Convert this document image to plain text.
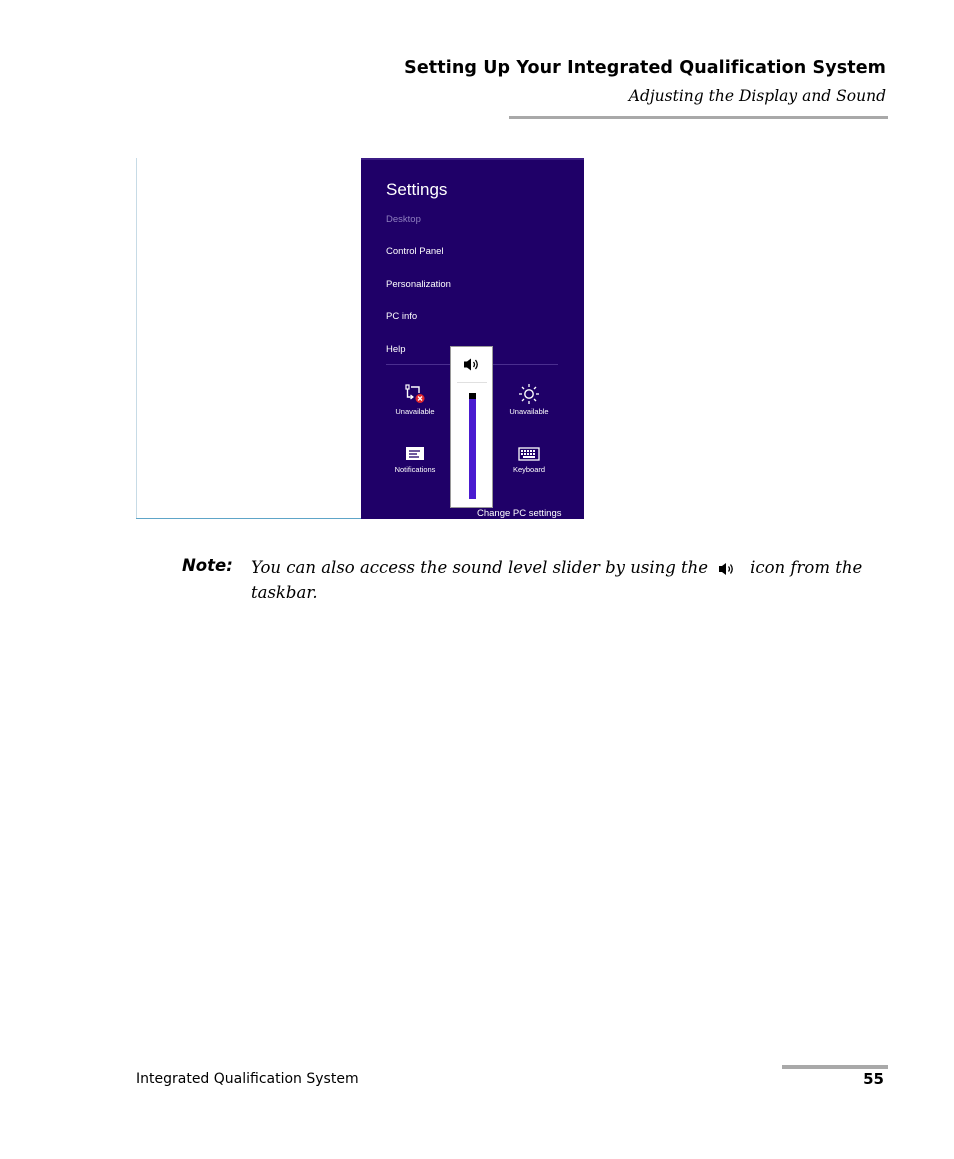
Setting Up Your Integrated Qualification System
Adjusting the Display and Sound
Settings
Desktop
Control Panel
Personalization
PC info
Help
Unavailable	Unavailable
Notifications	Keyboard
Change PC settings
Note: You can also access the sound level slider by using the	icon from the
taskbar.
Integrated Qualification System	55
